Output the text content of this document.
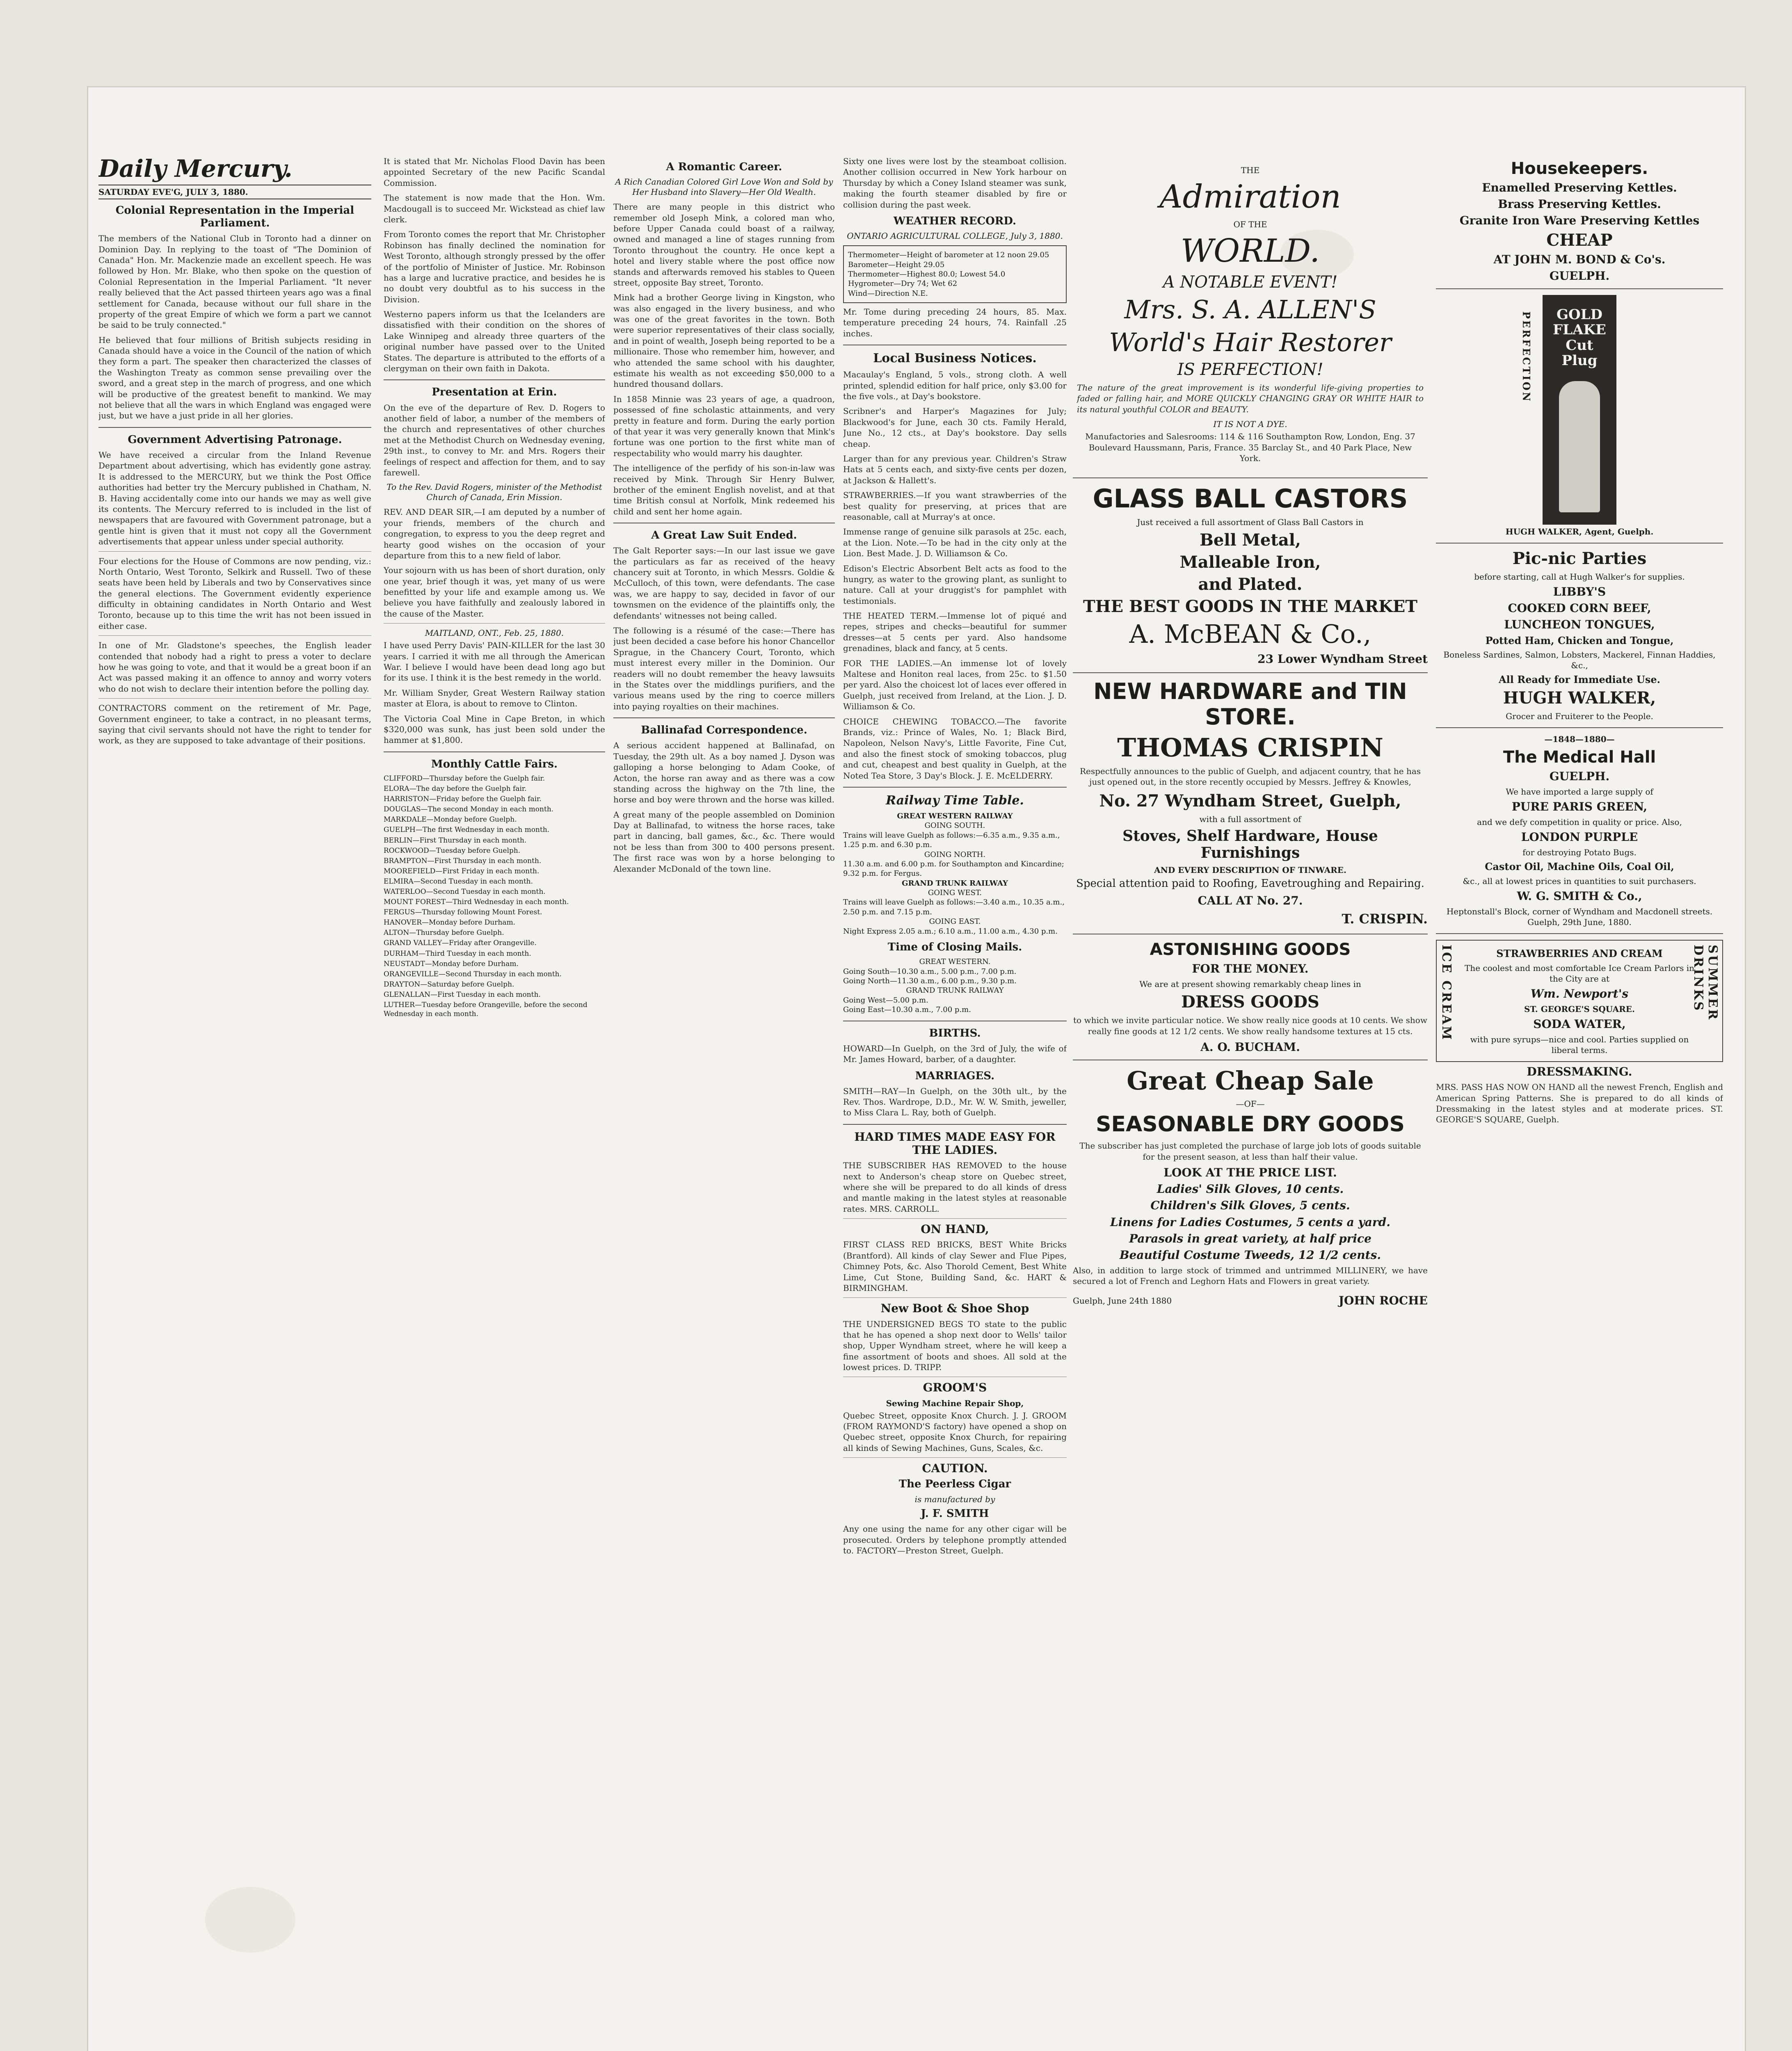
Daily Mercury.
SATURDAY EVE'G, JULY 3, 1880.
Colonial Representation in the Imperial Parliament.

The members of the National Club in Toronto had a dinner on Dominion Day. In replying to the toast of "The Dominion of Canada" Hon. Mr. Mackenzie made an excellent speech. He was followed by Hon. Mr. Blake, who then spoke on the question of Colonial Representation in the Imperial Parliament. "It never really believed that the Act passed thirteen years ago was a final settlement for Canada, because without our full share in the property of the great Empire of which we form a part we cannot be said to be truly connected."

He believed that four millions of British subjects residing in Canada should have a voice in the Council of the nation of which they form a part. The speaker then characterized the classes of the Washington Treaty as common sense prevailing over the sword, and a great step in the march of progress, and one which will be productive of the greatest benefit to mankind. We may not believe that all the wars in which England was engaged were just, but we have a just pride in all her glories.

Government Advertising Patronage.

We have received a circular from the Inland Revenue Department about advertising, which has evidently gone astray. It is addressed to the MERCURY, but we think the Post Office authorities had better try the Mercury published in Chatham, N. B. Having accidentally come into our hands we may as well give its contents. The Mercury referred to is included in the list of newspapers that are favoured with Government patronage, but a gentle hint is given that it must not copy all the Government advertisements that appear unless under special authority.

Four elections for the House of Commons are now pending, viz.: North Ontario, West Toronto, Selkirk and Russell. Two of these seats have been held by Liberals and two by Conservatives since the general elections. The Government evidently experience difficulty in obtaining candidates in North Ontario and West Toronto, because up to this time the writ has not been issued in either case.

In one of Mr. Gladstone's speeches, the English leader contended that nobody had a right to press a voter to declare how he was going to vote, and that it would be a great boon if an Act was passed making it an offence to annoy and worry voters who do not wish to declare their intention before the polling day.

CONTRACTORS comment on the retirement of Mr. Page, Government engineer, to take a contract, in no pleasant terms, saying that civil servants should not have the right to tender for work, as they are supposed to take advantage of their positions.

It is stated that Mr. Nicholas Flood Davin has been appointed Secretary of the new Pacific Scandal Commission.

The statement is now made that the Hon. Wm. Macdougall is to succeed Mr. Wickstead as chief law clerk.

From Toronto comes the report that Mr. Christopher Robinson has finally declined the nomination for West Toronto, although strongly pressed by the offer of the portfolio of Minister of Justice. Mr. Robinson has a large and lucrative practice, and besides he is no doubt very doubtful as to his success in the Division.

Westerno papers inform us that the Icelanders are dissatisfied with their condition on the shores of Lake Winnipeg and already three quarters of the original number have passed over to the United States. The departure is attributed to the efforts of a clergyman on their own faith in Dakota.

Presentation at Erin.

On the eve of the departure of Rev. D. Rogers to another field of labor, a number of the members of the church and representatives of other churches met at the Methodist Church on Wednesday evening, 29th inst., to convey to Mr. and Mrs. Rogers their feelings of respect and affection for them, and to say farewell.

To the Rev. David Rogers, minister of the Methodist Church of Canada, Erin Mission.

REV. AND DEAR SIR,—I am deputed by a number of your friends, members of the church and congregation, to express to you the deep regret and hearty good wishes on the occasion of your departure from this to a new field of labor.

Your sojourn with us has been of short duration, only one year, brief though it was, yet many of us were benefitted by your life and example among us. We believe you have faithfully and zealously labored in the cause of the Master.

MAITLAND, ONT., Feb. 25, 1880.

I have used Perry Davis' PAIN-KILLER for the last 30 years. I carried it with me all through the American War. I believe I would have been dead long ago but for its use. I think it is the best remedy in the world.

Mr. William Snyder, Great Western Railway station master at Elora, is about to remove to Clinton.

The Victoria Coal Mine in Cape Breton, in which $320,000 was sunk, has just been sold under the hammer at $1,800.

Monthly Cattle Fairs.
CLIFFORD—Thursday before the Guelph fair.
ELORA—The day before the Guelph fair.
HARRISTON—Friday before the Guelph fair.
DOUGLAS—The second Monday in each month.
MARKDALE—Monday before Guelph.
GUELPH—The first Wednesday in each month.
BERLIN—First Thursday in each month.
ROCKWOOD—Tuesday before Guelph.
BRAMPTON—First Thursday in each month.
MOOREFIELD—First Friday in each month.
ELMIRA—Second Tuesday in each month.
WATERLOO—Second Tuesday in each month.
MOUNT FOREST—Third Wednesday in each month.
FERGUS—Thursday following Mount Forest.
HANOVER—Monday before Durham.
ALTON—Thursday before Guelph.
GRAND VALLEY—Friday after Orangeville.
DURHAM—Third Tuesday in each month.
NEUSTADT—Monday before Durham.
ORANGEVILLE—Second Thursday in each month.
DRAYTON—Saturday before Guelph.
GLENALLAN—First Tuesday in each month.
LUTHER—Tuesday before Orangeville, before the second Wednesday in each month.
A Romantic Career.
A Rich Canadian Colored Girl Love Won and Sold by Her Husband into Slavery—Her Old Wealth.

There are many people in this district who remember old Joseph Mink, a colored man who, before Upper Canada could boast of a railway, owned and managed a line of stages running from Toronto throughout the country. He once kept a hotel and livery stable where the post office now stands and afterwards removed his stables to Queen street, opposite Bay street, Toronto.

Mink had a brother George living in Kingston, who was also engaged in the livery business, and who was one of the great favorites in the town. Both were superior representatives of their class socially, and in point of wealth, Joseph being reported to be a millionaire. Those who remember him, however, and who attended the same school with his daughter, estimate his wealth as not exceeding $50,000 to a hundred thousand dollars.

In 1858 Minnie was 23 years of age, a quadroon, possessed of fine scholastic attainments, and very pretty in feature and form. During the early portion of that year it was very generally known that Mink's fortune was one portion to the first white man of respectability who would marry his daughter.

The intelligence of the perfidy of his son-in-law was received by Mink. Through Sir Henry Bulwer, brother of the eminent English novelist, and at that time British consul at Norfolk, Mink redeemed his child and sent her home again.

A Great Law Suit Ended.

The Galt Reporter says:—In our last issue we gave the particulars as far as received of the heavy chancery suit at Toronto, in which Messrs. Goldie & McCulloch, of this town, were defendants. The case was, we are happy to say, decided in favor of our townsmen on the evidence of the plaintiffs only, the defendants' witnesses not being called.

The following is a résumé of the case:—There has just been decided a case before his honor Chancellor Sprague, in the Chancery Court, Toronto, which must interest every miller in the Dominion. Our readers will no doubt remember the heavy lawsuits in the States over the middlings purifiers, and the various means used by the ring to coerce millers into paying royalties on their machines.

Ballinafad Correspondence.

A serious accident happened at Ballinafad, on Tuesday, the 29th ult. As a boy named J. Dyson was galloping a horse belonging to Adam Cooke, of Acton, the horse ran away and as there was a cow standing across the highway on the 7th line, the horse and boy were thrown and the horse was killed.

A great many of the people assembled on Dominion Day at Ballinafad, to witness the horse races, take part in dancing, ball games, &c., &c. There would not be less than from 300 to 400 persons present. The first race was won by a horse belonging to Alexander McDonald of the town line.

Sixty one lives were lost by the steamboat collision. Another collision occurred in New York harbour on Thursday by which a Coney Island steamer was sunk, making the fourth steamer disabled by fire or collision during the past week.

WEATHER RECORD.
ONTARIO AGRICULTURAL COLLEGE, July 3, 1880.
Thermometer—Height of barometer at 12 noon 29.05
Barometer—Height 29.05
Thermometer—Highest 80.0; Lowest 54.0
Hygrometer—Dry 74; Wet 62
Wind—Direction N.E.

Mr. Tome during preceding 24 hours, 85. Max. temperature preceding 24 hours, 74. Rainfall .25 inches.

Local Business Notices.

Macaulay's England, 5 vols., strong cloth. A well printed, splendid edition for half price, only $3.00 for the five vols., at Day's bookstore.

Scribner's and Harper's Magazines for July; Blackwood's for June, each 30 cts. Family Herald, June No., 12 cts., at Day's bookstore. Day sells cheap.

Larger than for any previous year. Children's Straw Hats at 5 cents each, and sixty-five cents per dozen, at Jackson & Hallett's.

STRAWBERRIES.—If you want strawberries of the best quality for preserving, at prices that are reasonable, call at Murray's at once.

Immense range of genuine silk parasols at 25c. each, at the Lion. Note.—To be had in the city only at the Lion. Best Made. J. D. Williamson & Co.

Edison's Electric Absorbent Belt acts as food to the hungry, as water to the growing plant, as sunlight to nature. Call at your druggist's for pamphlet with testimonials.

THE HEATED TERM.—Immense lot of piqué and repes, stripes and checks—beautiful for summer dresses—at 5 cents per yard. Also handsome grenadines, black and fancy, at 5 cents.

FOR THE LADIES.—An immense lot of lovely Maltese and Honiton real laces, from 25c. to $1.50 per yard. Also the choicest lot of laces ever offered in Guelph, just received from Ireland, at the Lion. J. D. Williamson & Co.

CHOICE CHEWING TOBACCO.—The favorite Brands, viz.: Prince of Wales, No. 1; Black Bird, Napoleon, Nelson Navy's, Little Favorite, Fine Cut, and also the finest stock of smoking tobaccos, plug and cut, cheapest and best quality in Guelph, at the Noted Tea Store, 3 Day's Block. J. E. McELDERRY.

Railway Time Table.
GREAT WESTERN RAILWAY
GOING SOUTH.
Trains will leave Guelph as follows:—6.35 a.m., 9.35 a.m., 1.25 p.m. and 6.30 p.m.
GOING NORTH.
11.30 a.m. and 6.00 p.m. for Southampton and Kincardine; 9.32 p.m. for Fergus.
GRAND TRUNK RAILWAY
GOING WEST.
Trains will leave Guelph as follows:—3.40 a.m., 10.35 a.m., 2.50 p.m. and 7.15 p.m.
GOING EAST.
Night Express 2.05 a.m.; 6.10 a.m., 11.00 a.m., 4.30 p.m.
Time of Closing Mails.
GREAT WESTERN.
Going South—10.30 a.m., 5.00 p.m., 7.00 p.m.
Going North—11.30 a.m., 6.00 p.m., 9.30 p.m.
GRAND TRUNK RAILWAY
Going West—5.00 p.m.
Going East—10.30 a.m., 7.00 p.m.
BIRTHS.

HOWARD—In Guelph, on the 3rd of July, the wife of Mr. James Howard, barber, of a daughter.

MARRIAGES.

SMITH—RAY—In Guelph, on the 30th ult., by the Rev. Thos. Wardrope, D.D., Mr. W. W. Smith, jeweller, to Miss Clara L. Ray, both of Guelph.

HARD TIMES MADE EASY FOR THE LADIES.

THE SUBSCRIBER HAS REMOVED to the house next to Anderson's cheap store on Quebec street, where she will be prepared to do all kinds of dress and mantle making in the latest styles at reasonable rates. MRS. CARROLL.

ON HAND,

FIRST CLASS RED BRICKS, BEST White Bricks (Brantford). All kinds of clay Sewer and Flue Pipes, Chimney Pots, &c. Also Thorold Cement, Best White Lime, Cut Stone, Building Sand, &c. HART & BIRMINGHAM.

New Boot & Shoe Shop

THE UNDERSIGNED BEGS TO state to the public that he has opened a shop next door to Wells' tailor shop, Upper Wyndham street, where he will keep a fine assortment of boots and shoes. All sold at the lowest prices. D. TRIPP.

GROOM'S
Sewing Machine Repair Shop,

Quebec Street, opposite Knox Church. J. J. GROOM (FROM RAYMOND'S factory) have opened a shop on Quebec street, opposite Knox Church, for repairing all kinds of Sewing Machines, Guns, Scales, &c.

CAUTION.
The Peerless Cigar
is manufactured by
J. F. SMITH

Any one using the name for any other cigar will be prosecuted. Orders by telephone promptly attended to. FACTORY—Preston Street, Guelph.

THE
Admiration
OF THE
WORLD.
A NOTABLE EVENT!
Mrs. S. A. ALLEN'S
World's Hair Restorer
IS PERFECTION!

The nature of the great improvement is its wonderful life-giving properties to faded or falling hair, and MORE QUICKLY CHANGING GRAY OR WHITE HAIR to its natural youthful COLOR and BEAUTY.

IT IS NOT A DYE.

Manufactories and Salesrooms: 114 & 116 Southampton Row, London, Eng. 37 Boulevard Haussmann, Paris, France. 35 Barclay St., and 40 Park Place, New York.

GLASS BALL CASTORS
Just received a full assortment of Glass Ball Castors in
Bell Metal,
Malleable Iron,
and Plated.
THE BEST GOODS IN THE MARKET
A. McBEAN & Co.,
23 Lower Wyndham Street
NEW HARDWARE and TIN STORE.
THOMAS CRISPIN

Respectfully announces to the public of Guelph, and adjacent country, that he has just opened out, in the store recently occupied by Messrs. Jeffrey & Knowles,

No. 27 Wyndham Street, Guelph,
with a full assortment of
Stoves, Shelf Hardware, House Furnishings
AND EVERY DESCRIPTION OF TINWARE.
Special attention paid to Roofing, Eavetroughing and Repairing.
CALL AT No. 27.
T. CRISPIN.
ASTONISHING GOODS
FOR THE MONEY.
We are at present showing remarkably cheap lines in
DRESS GOODS

to which we invite particular notice. We show really nice goods at 10 cents. We show really fine goods at 12 1/2 cents. We show really handsome textures at 15 cts.

A. O. BUCHAM.
Great Cheap Sale
—OF—
SEASONABLE DRY GOODS

The subscriber has just completed the purchase of large job lots of goods suitable for the present season, at less than half their value.

LOOK AT THE PRICE LIST.
Ladies' Silk Gloves, 10 cents.
Children's Silk Gloves, 5 cents.
Linens for Ladies Costumes, 5 cents a yard.
Parasols in great variety, at half price
Beautiful Costume Tweeds, 12 1/2 cents.

Also, in addition to large stock of trimmed and untrimmed MILLINERY, we have secured a lot of French and Leghorn Hats and Flowers in great variety.

Guelph, June 24th 1880	JOHN ROCHE
Housekeepers.
Enamelled Preserving Kettles.
Brass Preserving Kettles.
Granite Iron Ware Preserving Kettles
CHEAP
AT JOHN M. BOND & Co's.
GUELPH.
GOLD FLAKE Cut Plug
PERFECTION
HUGH WALKER, Agent, Guelph.
Pic-nic Parties
before starting, call at Hugh Walker's for supplies.
LIBBY'S
COOKED CORN BEEF,
LUNCHEON TONGUES,
Potted Ham, Chicken and Tongue,
Boneless Sardines, Salmon, Lobsters, Mackerel, Finnan Haddies, &c.,
All Ready for Immediate Use.
HUGH WALKER,
Grocer and Fruiterer to the People.
—1848—1880—
The Medical Hall
GUELPH.
We have imported a large supply of
PURE PARIS GREEN,
and we defy competition in quality or price. Also,
LONDON PURPLE
for destroying Potato Bugs.
Castor Oil, Machine Oils, Coal Oil,
&c., all at lowest prices in quantities to suit purchasers.
W. G. SMITH & Co.,
Heptonstall's Block, corner of Wyndham and Macdonell streets. Guelph, 29th June, 1880.
ICE CREAM	SUMMER DRINKS
STRAWBERRIES AND CREAM
The coolest and most comfortable Ice Cream Parlors in the City are at
Wm. Newport's
ST. GEORGE'S SQUARE.
SODA WATER,
with pure syrups—nice and cool. Parties supplied on liberal terms.
DRESSMAKING.

MRS. PASS HAS NOW ON HAND all the newest French, English and American Spring Patterns. She is prepared to do all kinds of Dressmaking in the latest styles and at moderate prices. ST. GEORGE'S SQUARE, Guelph.
